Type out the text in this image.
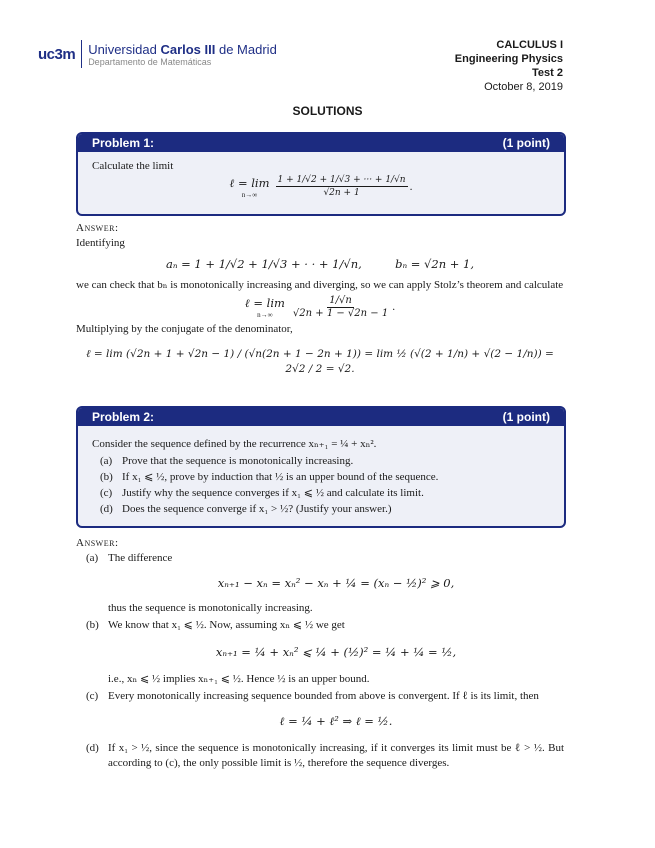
uc3m Universidad Carlos III de Madrid
Departamento de Matemáticas
CALCULUS I
Engineering Physics
Test 2
October 8, 2019
SOLUTIONS
Problem 1:	(1 point)
Calculate the limit
ℓ = lim
$n\to\infty \frac{1 + 1/√2 + 1/√3 + \cdot\cdot\cdot + 1/√n}{√2n + 1}$ .
Answer:
Identifying
aₙ = 1 + 1/√2 + 1/√3 + · · + 1/√n,	bₙ = √2n + 1,
we can check that bₙ is monotonically increasing and diverging, so we can apply Stolz’s theorem and calculate
ℓ = lim
$n\to\infty \frac{1/√n}{√2n + 1 - √2n - 1}$ .
Multiplying by the conjugate of the denominator,
ℓ = lim (√2n + 1 + √2n − 1) / (√n(2n + 1 − 2n + 1)) = lim ½ (√(2 + 1/n) + √(2 − 1/n)) = 2√2 / 2 = √2.
Problem 2:	(1 point)
Consider the sequence defined by the recurrence xₙ₊₁ = ¼ + xₙ².
(a) Prove that the sequence is monotonically increasing.
(b) If x₁ ⩽ ½, prove by induction that ½ is an upper bound of the sequence.
(c) Justify why the sequence converges if x₁ ⩽ ½ and calculate its limit.
(d) Does the sequence converge if x₁ > ½? (Justify your answer.)
Answer:
(a) The difference
xₙ₊₁ − xₙ = xₙ² − xₙ + ¼ = (xₙ − ½)² ⩾ 0,
thus the sequence is monotonically increasing.
(b) We know that x₁ ⩽ ½. Now, assuming xₙ ⩽ ½ we get
xₙ₊₁ = ¼ + xₙ² ⩽ ¼ + (½)² = ¼ + ¼ = ½,
i.e., xₙ ⩽ ½ implies xₙ₊₁ ⩽ ½. Hence ½ is an upper bound.
(c) Every monotonically increasing sequence bounded from above is convergent. If ℓ is its limit, then
ℓ = ¼ + ℓ² ⇒ ℓ = ½.
(d) If x₁ > ½, since the sequence is monotonically increasing, if it converges its limit must be ℓ > ½. But according to (c), the only possible limit is ½, therefore the sequence diverges.
